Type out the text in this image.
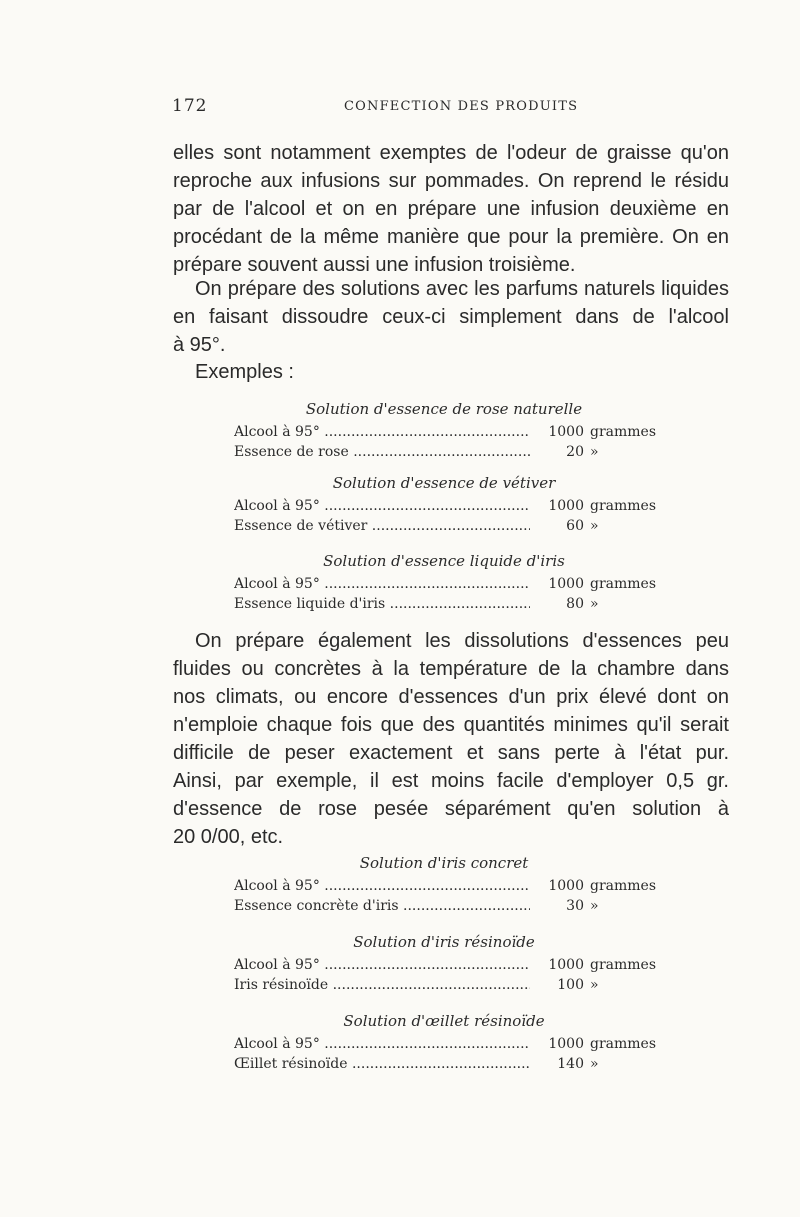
172	CONFECTION DES PRODUITS
elles sont notamment exemptes de l'odeur de graisse qu'on
reproche aux infusions sur pommades. On reprend le résidu
par de l'alcool et on en prépare une infusion deuxième en
procédant de la même manière que pour la première. On en
prépare souvent aussi une infusion troisième.
On prépare des solutions avec les parfums naturels liquides
en faisant dissoudre ceux-ci simplement dans de l'alcool
à 95°.
Exemples :
Solution d'essence de rose naturelle
Alcool à 95° .....	1000 grammes
Essence de rose .....	20 »
Solution d'essence de vétiver
Alcool à 95° .....	1000 grammes
Essence de vétiver .....	60 »
Solution d'essence liquide d'iris
Alcool à 95° .....	1000 grammes
Essence liquide d'iris .....	80 »
On prépare également les dissolutions d'essences peu
fluides ou concrètes à la température de la chambre dans
nos climats, ou encore d'essences d'un prix élevé dont on
n'emploie chaque fois que des quantités minimes qu'il serait
difficile de peser exactement et sans perte à l'état pur.
Ainsi, par exemple, il est moins facile d'employer 0,5 gr.
d'essence de rose pesée séparément qu'en solution à
20 0/00, etc.
Solution d'iris concret
Alcool à 95° .....	1000 grammes
Essence concrète d'iris .....	30 »
Solution d'iris résinoïde
Alcool à 95° .....	1000 grammes
Iris résinoïde .....	100 »
Solution d'œillet résinoïde
Alcool à 95° .....	1000 grammes
Œillet résinoïde .....	140 »
